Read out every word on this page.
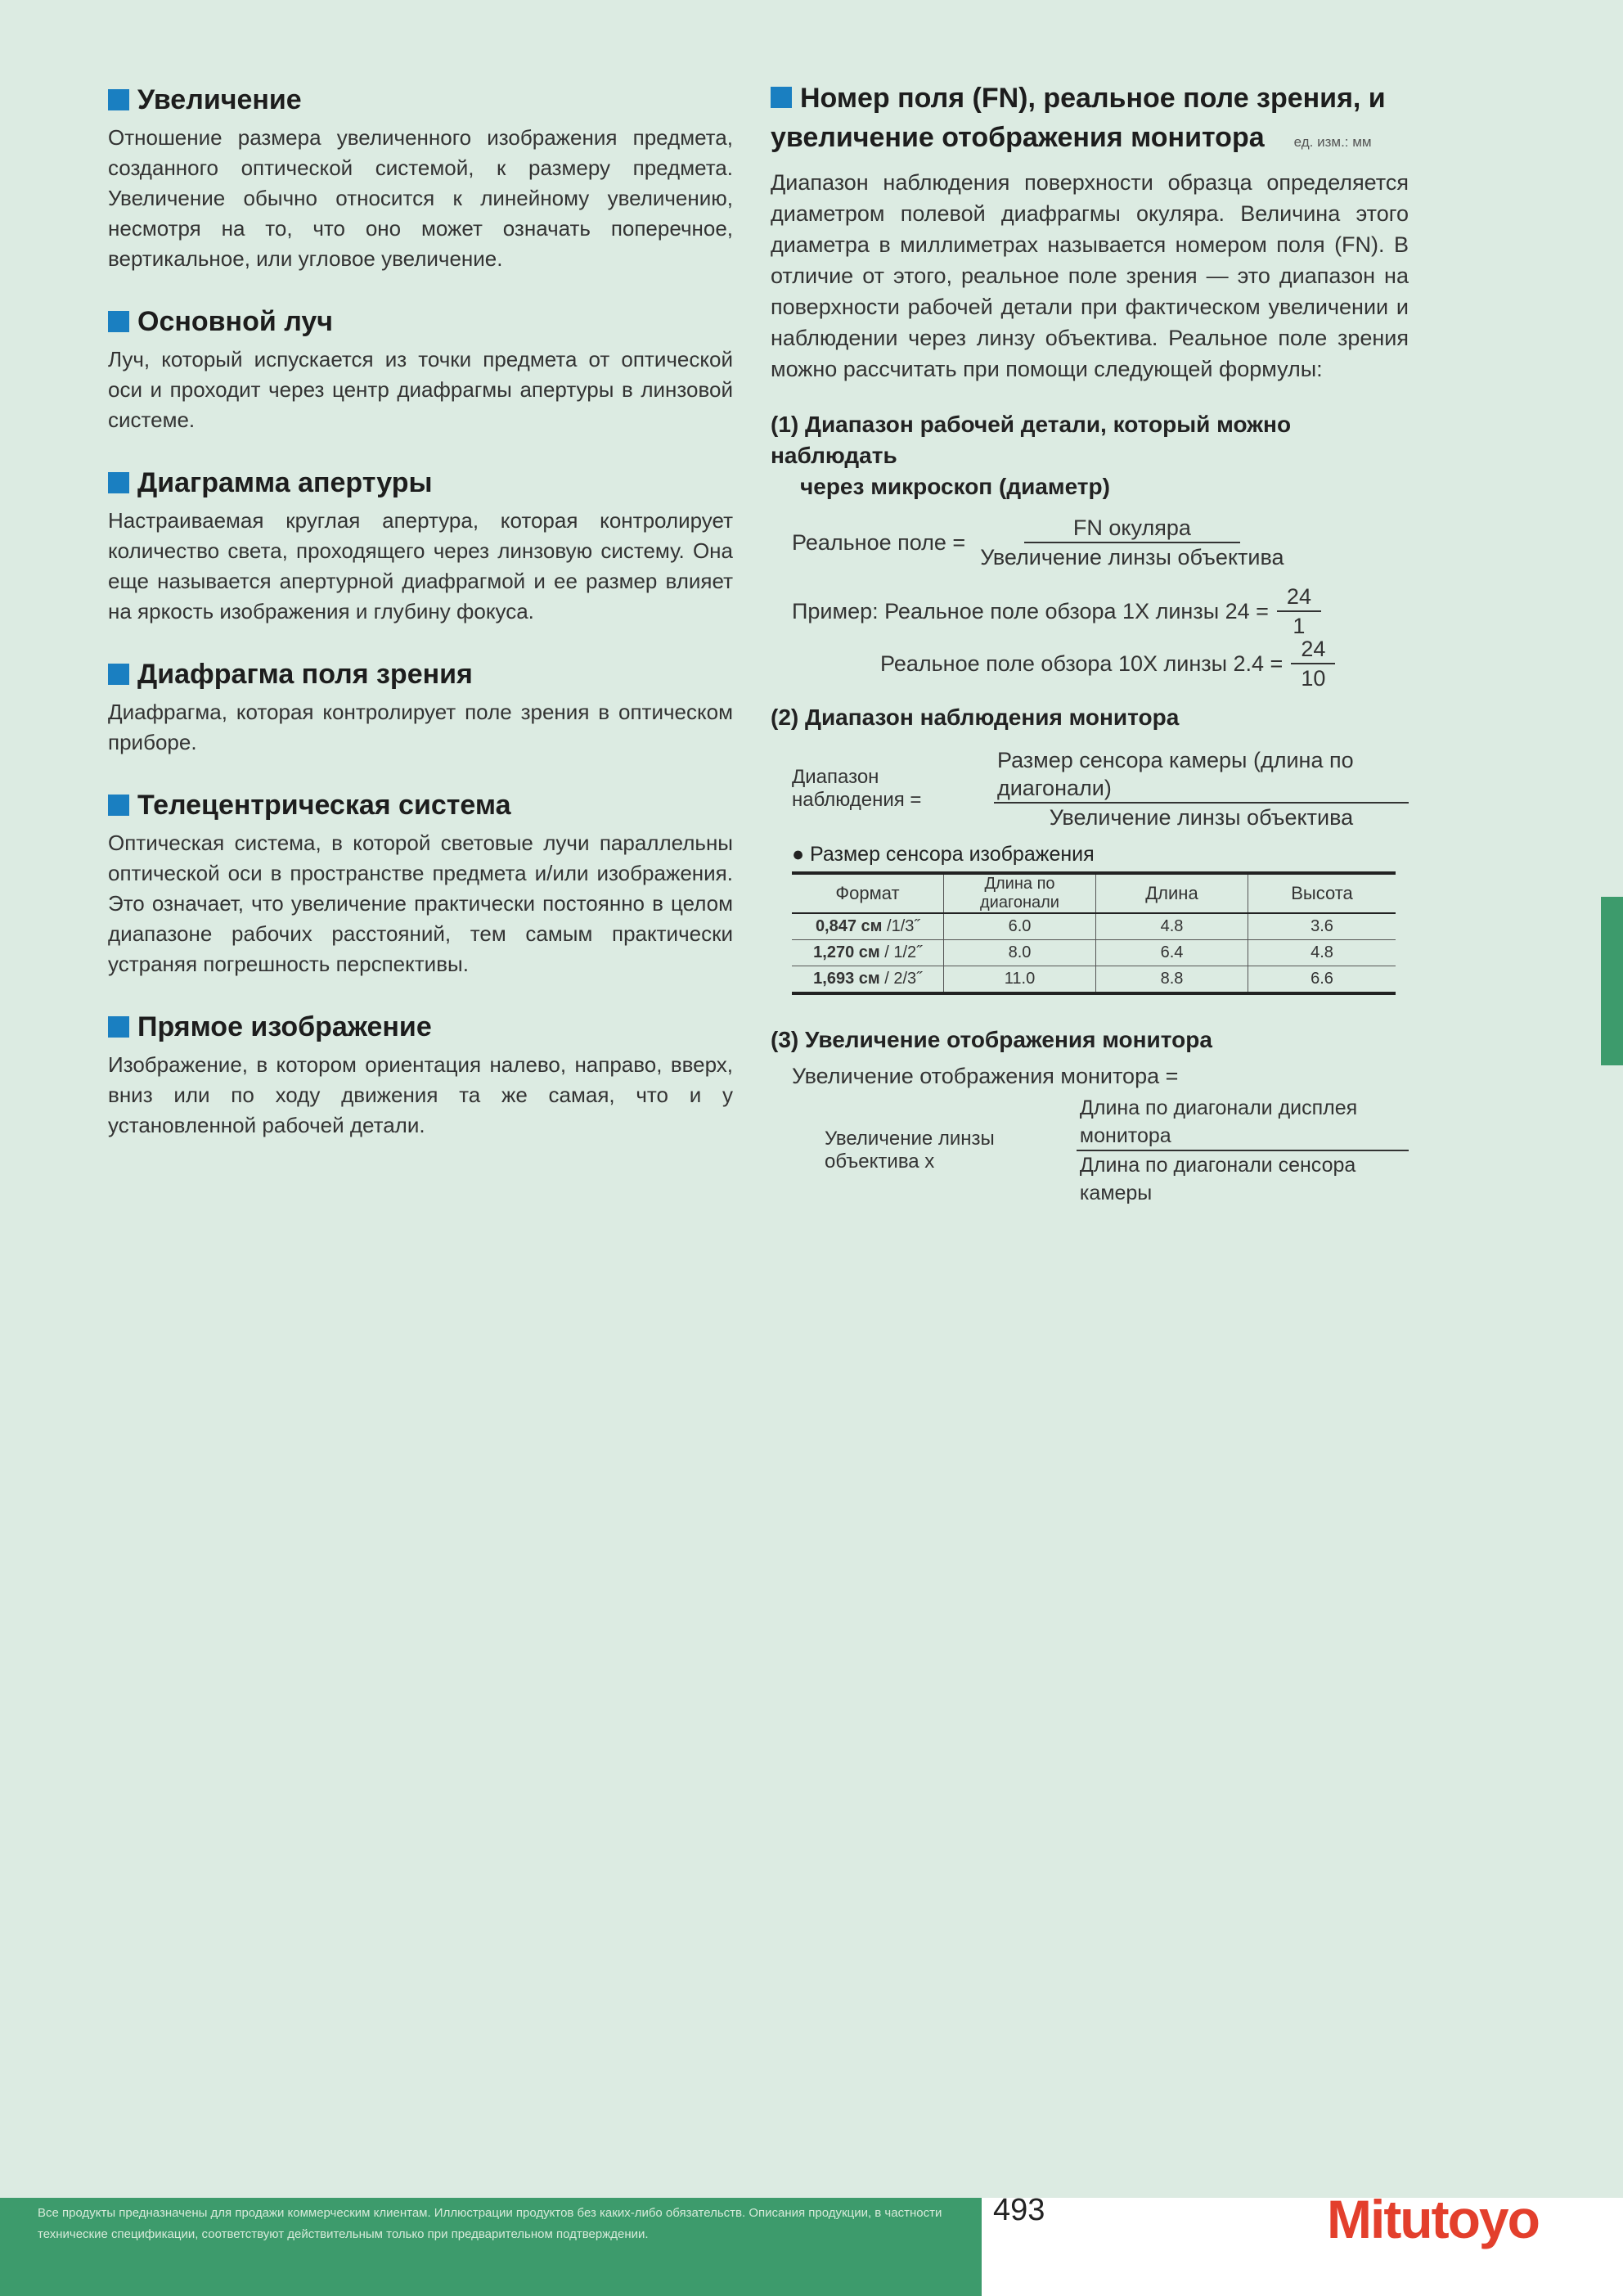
Увеличение

Отношение размера увеличенного изображения предмета, созданного оптической системой, к размеру предмета. Увеличение обычно относится к линейному увеличению, несмотря на то, что оно может означать поперечное, вертикальное, или угловое увеличение.

Основной луч

Луч, который испускается из точки предмета от оптической оси и проходит через центр диафрагмы апертуры в линзовой системе.

Диаграмма апертуры

Настраиваемая круглая апертура, которая контролирует количество света, проходящего через линзовую систему. Она еще называется апертурной диафрагмой и ее размер влияет на яркость изображения и глубину фокуса.

Диафрагма поля зрения

Диафрагма, которая контролирует поле зрения в оптическом приборе.

Телецентрическая система

Оптическая система, в которой световые лучи параллельны оптической оси в пространстве предмета и/или изображения. Это означает, что увеличение практически постоянно в целом диапазоне рабочих расстояний, тем самым практически устраняя погрешность перспективы.

Прямое изображение

Изображение, в котором ориентация налево, направо, вверх, вниз или по ходу движения та же самая, что и у установленной рабочей детали.

Номер поля (FN), реальное поле зрения, и
увеличение отображения монитора ед. изм.: мм

Диапазон наблюдения поверхности образца определяется диаметром полевой диафрагмы окуляра. Величина этого диаметра в миллиметрах называется номером поля (FN). В отличие от этого, реальное поле зрения — это диапазон на поверхности рабочей детали при фактическом увеличении и наблюдении через линзу объектива. Реальное поле зрения можно рассчитать при помощи следующей формулы:

(1) Диапазон рабочей детали, который можно наблюдать

через микроскоп (диаметр)

Реальное поле = $\frac{\text{FN окуляра}}{\text{Увеличение линзы объектива}}$
Пример: Реальное поле обзора 1X линзы $24 = \frac{24}{1}$
Реальное поле обзора 10X линзы $2.4 = \frac{24}{10}$

(2) Диапазон наблюдения монитора

Диапазон наблюдения =	$\frac{\text{Размер сенсора камеры (длина по диагонали)}}{\text{Увеличение линзы объектива}}$

● Размер сенсора изображения

Формат	Длина по диагонали	Длина	Высота
0,847 см /1/3˝	6.0	4.8	3.6
1,270 см / 1/2˝	8.0	6.4	4.8
1,693 см / 2/3˝	11.0	8.8	6.6

(3) Увеличение отображения монитора

Увеличение отображения монитора =
Увеличение линзы объектива x	$\frac{\text{Длина по диагонали дисплея монитора}}{\text{Длина по диагонали сенсора камеры}}$
Все продукты предназначены для продажи коммерческим клиентам. Иллюстрации продуктов без каких-либо обязательств. Описания продукции, в частности технические спецификации, соответствуют действительным только при предварительном подтверждении.
493	Mitutoyo
